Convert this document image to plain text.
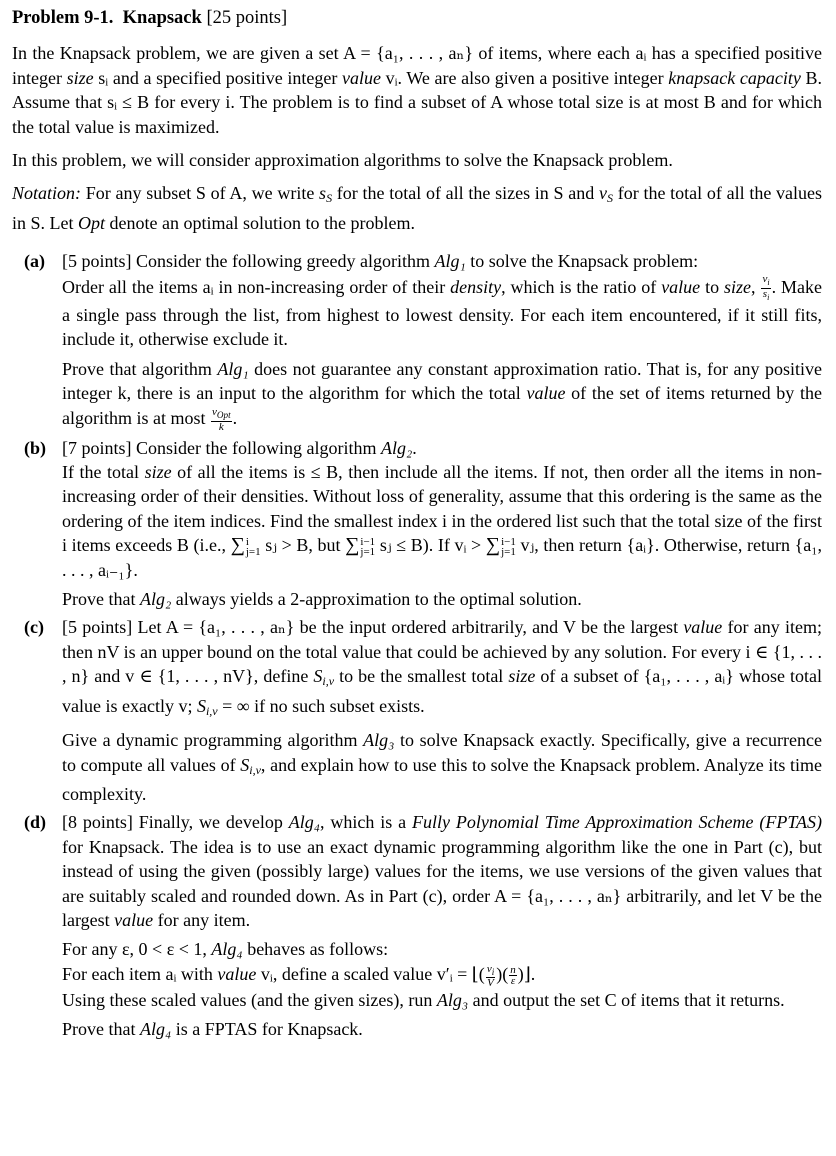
Problem 9-1. Knapsack [25 points]

In the Knapsack problem, we are given a set A = {a₁, . . . , aₙ} of items, where each aᵢ has a specified positive integer size sᵢ and a specified positive integer value vᵢ. We are also given a positive integer knapsack capacity B. Assume that sᵢ ≤ B for every i. The problem is to find a subset of A whose total size is at most B and for which the total value is maximized.

In this problem, we will consider approximation algorithms to solve the Knapsack problem.

Notation: For any subset S of A, we write $s_S$ for the total of all the sizes in S and $v_S$ for the total of all the values in S. Let Opt denote an optimal solution to the problem.

(a) [5 points] Consider the following greedy algorithm Alg₁ to solve the Knapsack problem:

Order all the items aᵢ in non-increasing order of their density, which is the ratio of value to size, $\frac{v_i}{s_i}$ . Make a single pass through the list, from highest to lowest density. For each item encountered, if it still fits, include it, otherwise exclude it.

Prove that algorithm Alg₁ does not guarantee any constant approximation ratio. That is, for any positive integer k, there is an input to the algorithm for which the total value of the set of items returned by the algorithm is at most $\frac{v_{Opt}}{k}$ .

(b) [7 points] Consider the following algorithm Alg₂.

If the total size of all the items is ≤ B, then include all the items. If not, then order all the items in non-increasing order of their densities. Without loss of generality, assume that this ordering is the same as the ordering of the item indices. Find the smallest index i in the ordered list such that the total size of the first i items exceeds B (i.e., ∑ i
j=1 sⱼ > B, but ∑ i−1
j=1 sⱼ ≤ B). If vᵢ > ∑ i−1
j=1 vⱼ, then return {aᵢ}. Otherwise, return {a₁, . . . , aᵢ₋₁}.

Prove that Alg₂ always yields a 2-approximation to the optimal solution.

(c)	[5 points] Let A = {a₁, . . . , aₙ} be the input ordered arbitrarily, and V be the largest value for any item; then nV is an upper bound on the total value that could be achieved by any solution. For every i ∈ {1, . . . , n} and v ∈ {1, . . . , nV}, define $S_{i,v}$ to be the smallest total size of a subset of {a₁, . . . , aᵢ} whose total value is exactly v; $S_{i,v}$ = ∞ if no such subset exists.

Give a dynamic programming algorithm Alg₃ to solve Knapsack exactly. Specifically, give a recurrence to compute all values of $S_{i,v}$, and explain how to use this to solve the Knapsack problem. Analyze its time complexity.

(d) [8 points] Finally, we develop Alg₄, which is a Fully Polynomial Time Approximation Scheme (FPTAS) for Knapsack. The idea is to use an exact dynamic programming algorithm like the one in Part (c), but instead of using the given (possibly large) values for the items, we use versions of the given values that are suitably scaled and rounded down. As in Part (c), order A = {a₁, . . . , aₙ} arbitrarily, and let V be the largest value for any item.

For any ε, 0 < ε < 1, Alg₄ behaves as follows:

For each item aᵢ with value vᵢ, define a scaled value v′ᵢ = ⌊( $\frac{v_i}{V}$ )( $\frac{n}{\varepsilon}$ )⌋.

Using these scaled values (and the given sizes), run Alg₃ and output the set C of items that it returns.

Prove that Alg₄ is a FPTAS for Knapsack.
